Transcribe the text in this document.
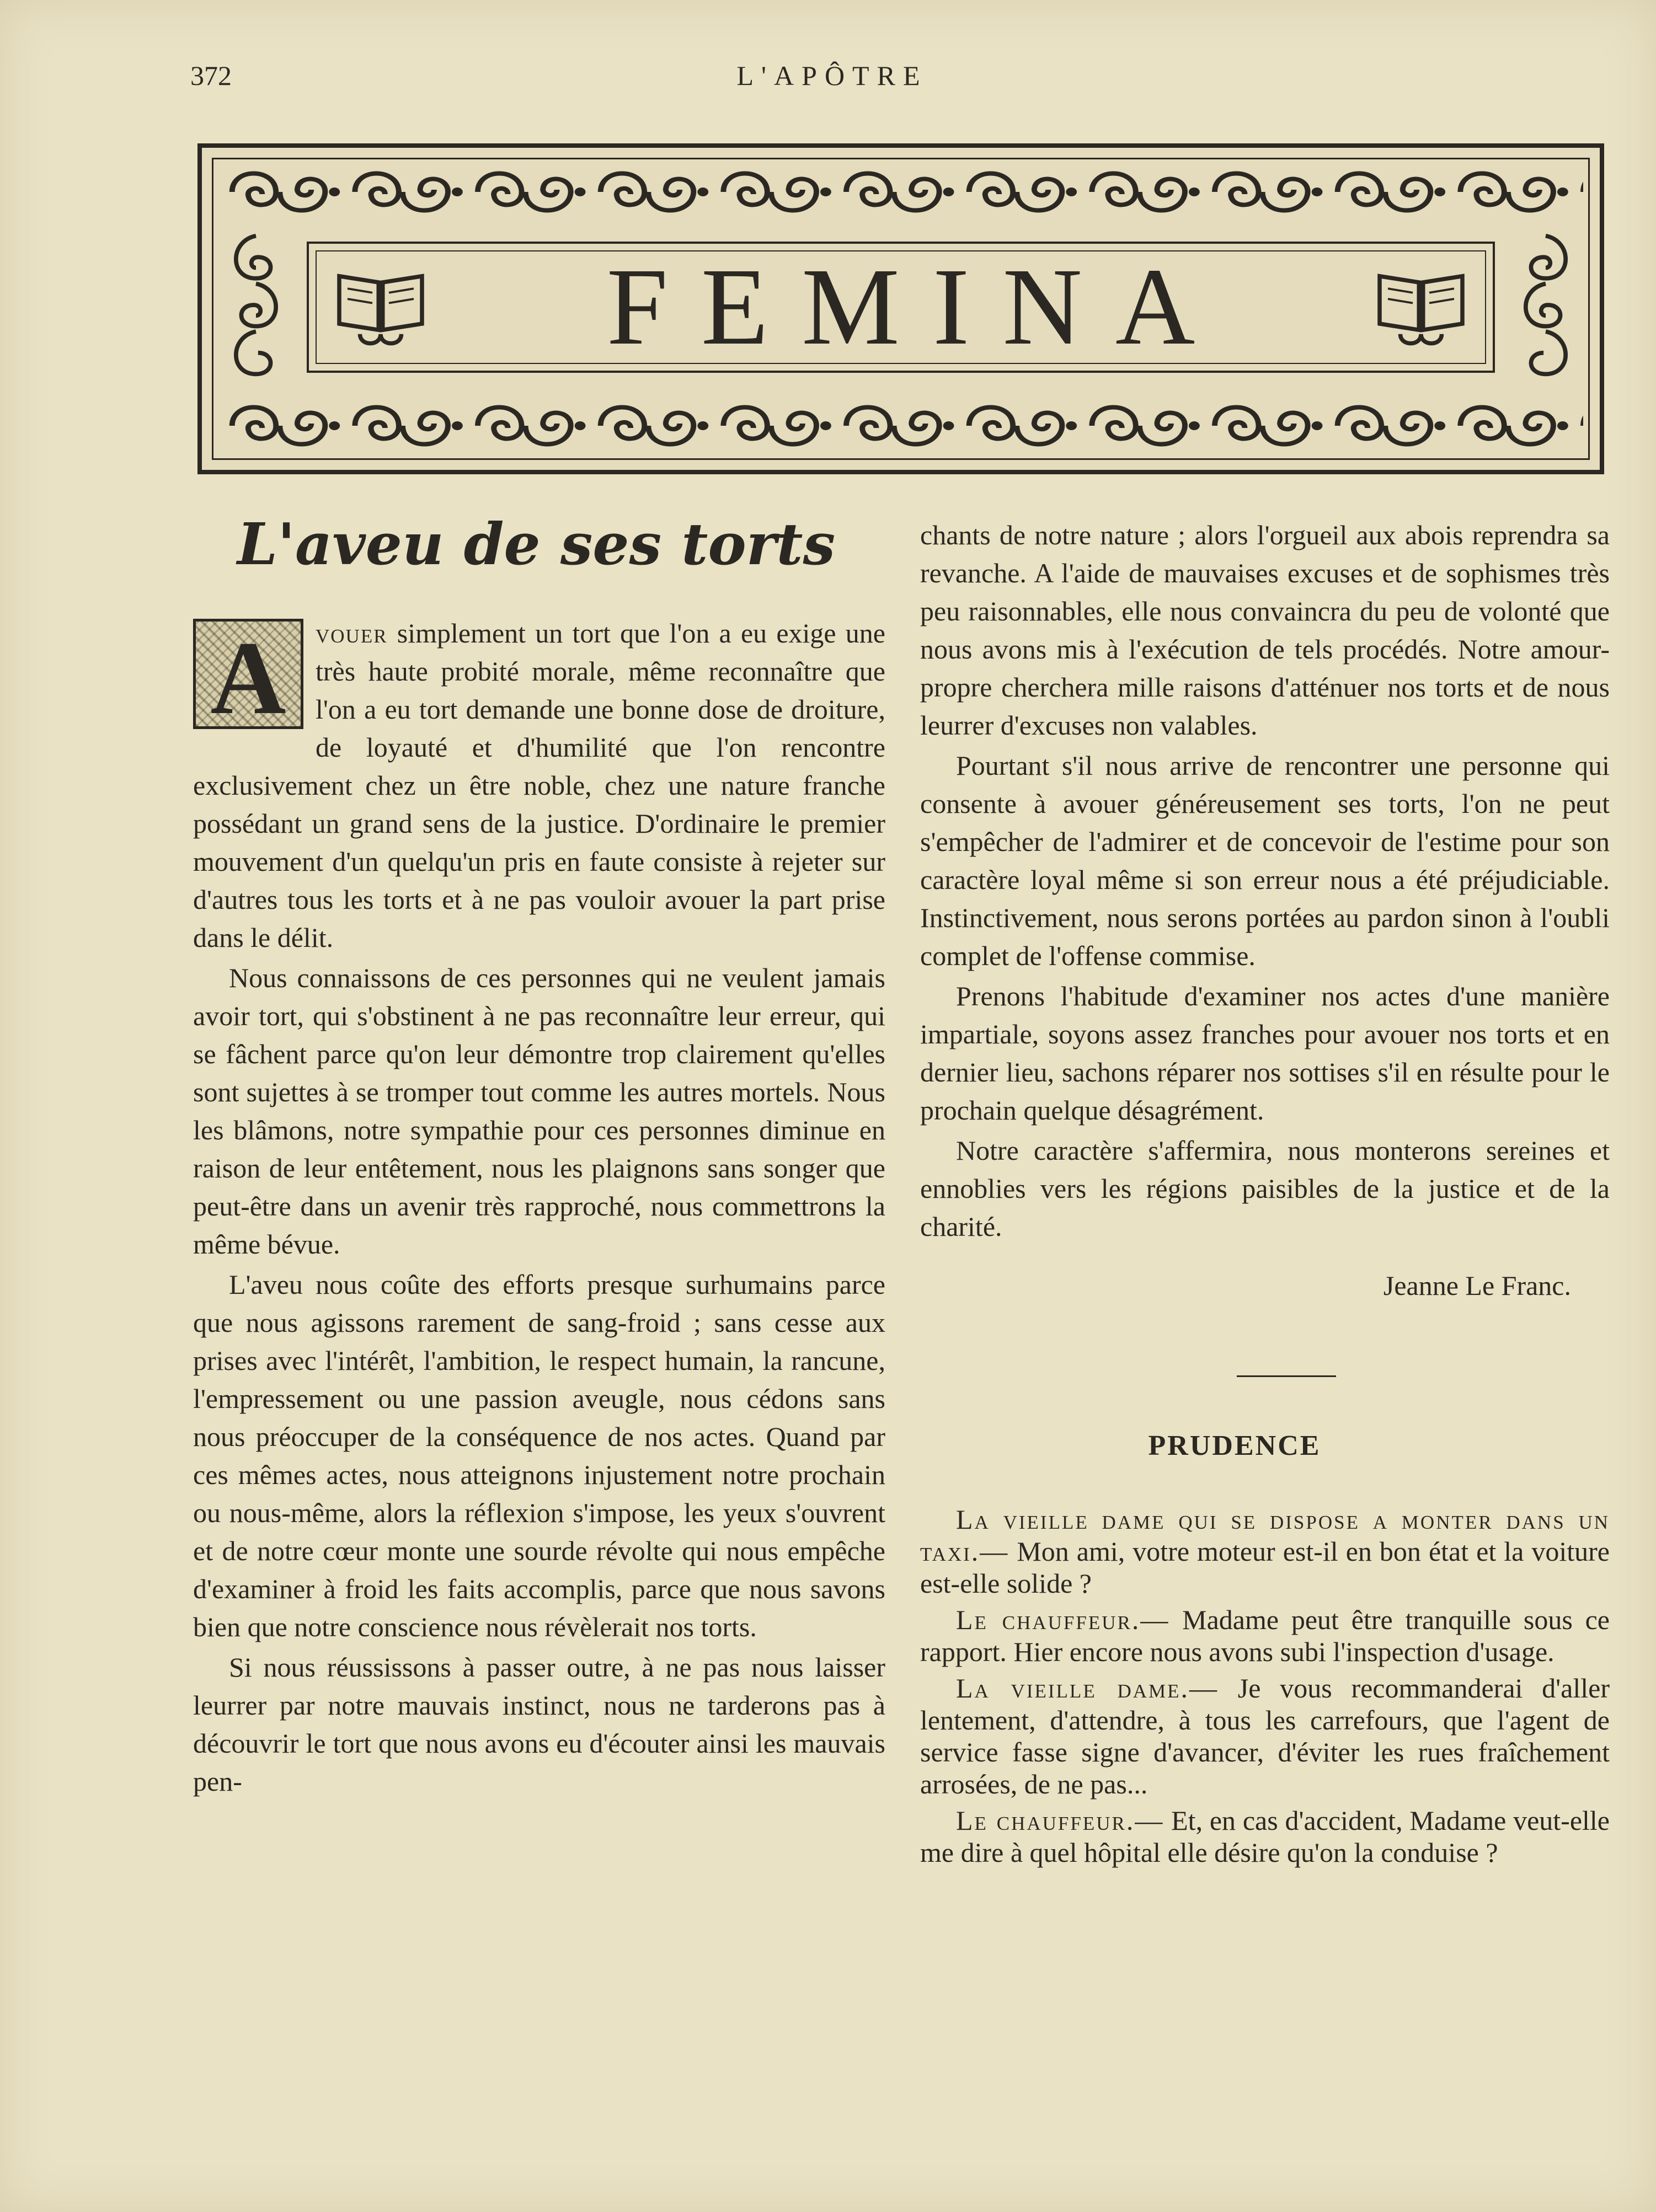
372	L'APÔTRE
FEMINA
L'aveu de ses torts

A	vouer simplement un tort que l'on a eu exige une très haute probité morale, même reconnaître que l'on a eu tort demande une bonne dose de droiture, de loyauté et d'humilité que l'on rencontre exclusivement chez un être noble, chez une nature franche possédant un grand sens de la justice. D'ordinaire le premier mouvement d'un quelqu'un pris en faute consiste à rejeter sur d'autres tous les torts et à ne pas vouloir avouer la part prise dans le délit.

Nous connaissons de ces personnes qui ne veulent jamais avoir tort, qui s'obstinent à ne pas reconnaître leur erreur, qui se fâchent parce qu'on leur démontre trop clairement qu'elles sont sujettes à se tromper tout comme les autres mortels. Nous les blâmons, notre sympathie pour ces personnes diminue en raison de leur entêtement, nous les plaignons sans songer que peut-être dans un avenir très rapproché, nous commettrons la même bévue.

L'aveu nous coûte des efforts presque surhumains parce que nous agissons rarement de sang-froid ; sans cesse aux prises avec l'intérêt, l'ambition, le respect humain, la rancune, l'empressement ou une passion aveugle, nous cédons sans nous préoccuper de la conséquence de nos actes. Quand par ces mêmes actes, nous atteignons injustement notre prochain ou nous-même, alors la réflexion s'impose, les yeux s'ouvrent et de notre cœur monte une sourde révolte qui nous empêche d'examiner à froid les faits accomplis, parce que nous savons bien que notre conscience nous révèlerait nos torts.

Si nous réussissons à passer outre, à ne pas nous laisser leurrer par notre mauvais instinct, nous ne tarderons pas à découvrir le tort que nous avons eu d'écouter ainsi les mauvais pen-

chants de notre nature ; alors l'orgueil aux abois reprendra sa revanche. A l'aide de mauvaises excuses et de sophismes très peu raisonnables, elle nous convaincra du peu de volonté que nous avons mis à l'exécution de tels procédés. Notre amour-propre cherchera mille raisons d'atténuer nos torts et de nous leurrer d'excuses non valables.

Pourtant s'il nous arrive de rencontrer une personne qui consente à avouer généreusement ses torts, l'on ne peut s'empêcher de l'admirer et de concevoir de l'estime pour son caractère loyal même si son erreur nous a été préjudiciable. Instinctivement, nous serons portées au pardon sinon à l'oubli complet de l'offense commise.

Prenons l'habitude d'examiner nos actes d'une manière impartiale, soyons assez franches pour avouer nos torts et en dernier lieu, sachons réparer nos sottises s'il en résulte pour le prochain quelque désagrément.

Notre caractère s'affermira, nous monterons sereines et ennoblies vers les régions paisibles de la justice et de la charité.

Jeanne Le Franc.

PRUDENCE

La vieille dame qui se dispose a monter dans un taxi.— Mon ami, votre moteur est-il en bon état et la voiture est-elle solide ?

Le chauffeur.— Madame peut être tranquille sous ce rapport. Hier encore nous avons subi l'inspection d'usage.

La vieille dame.— Je vous recommanderai d'aller lentement, d'attendre, à tous les carrefours, que l'agent de service fasse signe d'avancer, d'éviter les rues fraîchement arrosées, de ne pas...

Le chauffeur.— Et, en cas d'accident, Madame veut-elle me dire à quel hôpital elle désire qu'on la conduise ?
